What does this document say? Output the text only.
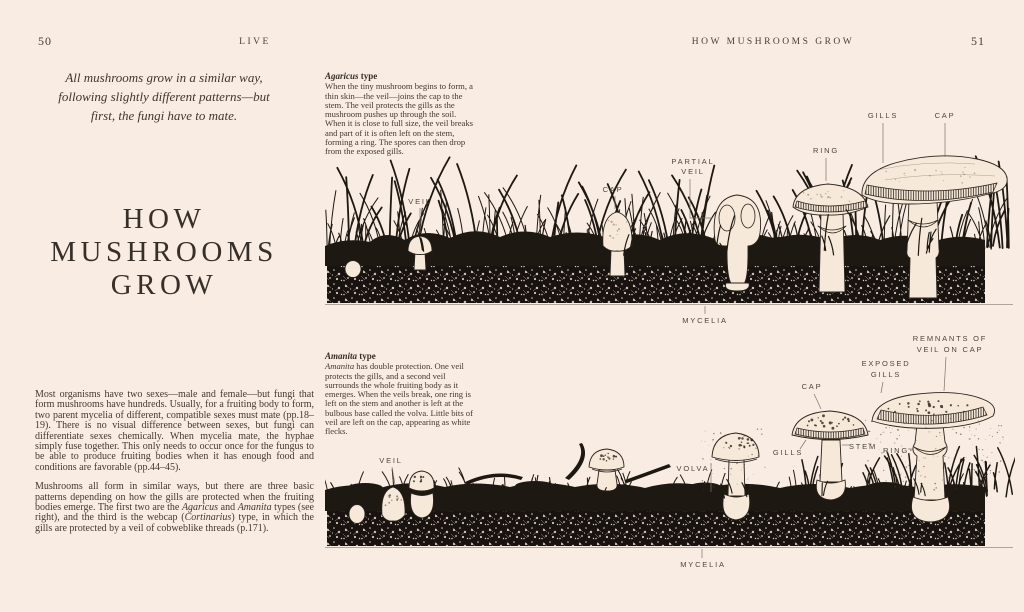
50	LIVE	HOW MUSHROOMS GROW	51
All mushrooms grow in a similar way,
following slightly different patterns—but
first, the fungi have to mate.
HOW
MUSHROOMS
GROW

Most organisms have two sexes—male and female—but fungi that form mushrooms have hundreds. Usually, for a fruiting body to form, two parent mycelia of different, compatible sexes must mate (pp.18–19). There is no visual difference between sexes, but fungi can differentiate sexes chemically. When mycelia mate, the hyphae simply fuse together. This only needs to occur once for the fungus to be able to produce fruiting bodies when it has enough food and conditions are favorable (pp.44–45).

Mushrooms all form in similar ways, but there are three basic patterns depending on how the gills are protected when the fruiting bodies emerge. The first two are the Agaricus and Amanita types (see right), and the third is the webcap (Cortinarius) type, in which the gills are protected by a veil of cobweblike threads (p.171).

Agaricus type
When the tiny mushroom begins to form, a thin skin—the veil—joins the cap to the stem. The veil protects the gills as the mushroom pushes up through the soil. When it is close to full size, the veil breaks and part of it is often left on the stem, forming a ring. The spores can then drop from the exposed gills.
Amanita type
Amanita has double protection. One veil protects the gills, and a second veil surrounds the whole fruiting body as it emerges. When the veils break, one ring is left on the stem and another is left at the bulbous base called the volva. Little bits of veil are left on the cap, appearing as white flecks.
VEIL
CAP
PARTIAL
VEIL
RING
GILLS	CAP
MYCELIA
VEIL
VOLVA
CAP
GILLS
STEM RING
EXPOSED
GILLS
REMNANTS OF
VEIL ON CAP
MYCELIA
